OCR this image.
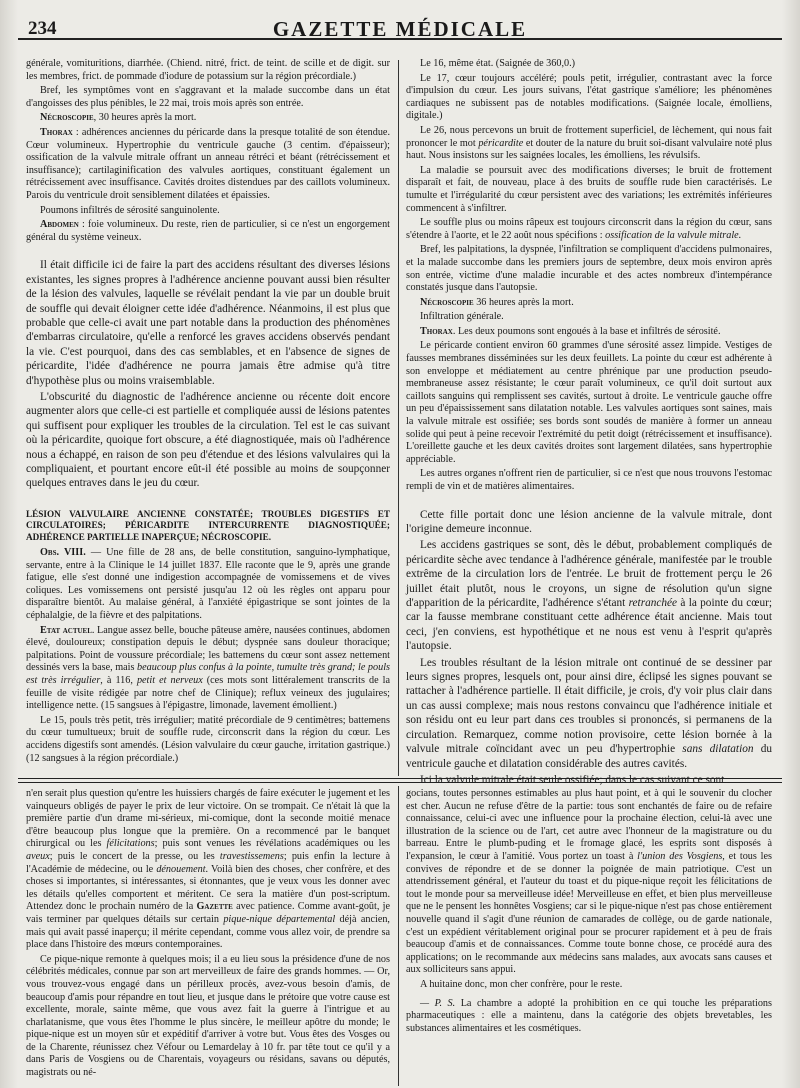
234	GAZETTE MÉDICALE

générale, vomituritions, diarrhée. (Chiend. nitré, frict. de teint. de scille et de digit. sur les membres, frict. de pommade d'iodure de potassium sur la région précordiale.)

Bref, les symptômes vont en s'aggravant et la malade succombe dans un état d'angoisses des plus pénibles, le 22 mai, trois mois après son entrée.

Nécroscopie, 30 heures après la mort.

Thorax : adhérences anciennes du péricarde dans la presque totalité de son étendue. Cœur volumineux. Hypertrophie du ventricule gauche (3 centim. d'épaisseur); ossification de la valvule mitrale offrant un anneau rétréci et béant (rétrécissement et insuffisance); cartilaginification des valvules aortiques, constituant également un rétrécissement avec insuffisance. Cavités droites distendues par des caillots volumineux. Parois du ventricule droit sensiblement dilatées et épaissies.

Poumons infiltrés de sérosité sanguinolente.

Abdomen : foie volumineux. Du reste, rien de particulier, si ce n'est un engorgement général du système veineux.

Il était difficile ici de faire la part des accidens résultant des diverses lésions existantes, les signes propres à l'adhérence ancienne pouvant aussi bien résulter de la lésion des valvules, laquelle se révélait pendant la vie par un double bruit de souffle qui devait éloigner cette idée d'adhérence. Néanmoins, il est plus que probable que celle-ci avait une part notable dans la production des phénomènes d'embarras circulatoire, qu'elle a renforcé les graves accidens observés pendant la vie. C'est pourquoi, dans des cas semblables, et en l'absence de signes de péricardite, l'idée d'adhérence ne pourra jamais être admise qu'à titre d'hypothèse plus ou moins vraisemblable.

L'obscurité du diagnostic de l'adhérence ancienne ou récente doit encore augmenter alors que celle-ci est partielle et compliquée aussi de lésions patentes qui suffisent pour expliquer les troubles de la circulation. Tel est le cas suivant où la péricardite, quoique fort obscure, a été diagnostiquée, mais où l'adhérence nous a échappé, en raison de son peu d'étendue et des lésions valvulaires qui la compliquaient, et pourtant encore eût-il été possible au moins de soupçonner quelques entraves dans le jeu du cœur.

LÉSION VALVULAIRE ANCIENNE CONSTATÉE; TROUBLES DIGESTIFS ET CIRCULATOIRES; PÉRICARDITE INTERCURRENTE DIAGNOSTIQUÉE; ADHÉRENCE PARTIELLE INAPERÇUE; NÉCROSCOPIE.

Obs. VIII. — Une fille de 28 ans, de belle constitution, sanguino-lymphatique, servante, entre à la Clinique le 14 juillet 1837. Elle raconte que le 9, après une grande fatigue, elle s'est donné une indigestion accompagnée de vomissemens et de vives coliques. Les vomissemens ont persisté jusqu'au 12 où les règles ont apparu pour disparaître bientôt. Au malaise général, à l'anxiété épigastrique se sont jointes de la céphalalgie, de la fièvre et des palpitations.

Etat actuel. Langue assez belle, bouche pâteuse amère, nausées continues, abdomen élevé, douloureux; constipation depuis le début; dyspnée sans douleur thoracique; palpitations. Point de voussure précordiale; les battemens du cœur sont assez nettement dessinés vers la base, mais beaucoup plus confus à la pointe, tumulte très grand; le pouls est très irrégulier, à 116, petit et nerveux (ces mots sont littéralement transcrits de la feuille de visite rédigée par notre chef de Clinique); reflux veineux des jugulaires; intelligence nette. (15 sangsues à l'épigastre, limonade, lavement émollient.)

Le 15, pouls très petit, très irrégulier; matité précordiale de 9 centimètres; battemens du cœur tumultueux; bruit de souffle rude, circonscrit dans la région du cœur. Les accidens digestifs sont amendés. (Lésion valvulaire du cœur gauche, irritation gastrique.) (12 sangsues à la région précordiale.)

Le 16, même état. (Saignée de 360,0.)

Le 17, cœur toujours accéléré; pouls petit, irrégulier, contrastant avec la force d'impulsion du cœur. Les jours suivans, l'état gastrique s'améliore; les phénomènes cardiaques ne subissent pas de notables modifications. (Saignée locale, émolliens, digitale.)

Le 26, nous percevons un bruit de frottement superficiel, de lèchement, qui nous fait prononcer le mot péricardite et douter de la nature du bruit soi-disant valvulaire noté plus haut. Nous insistons sur les saignées locales, les émolliens, les révulsifs.

La maladie se poursuit avec des modifications diverses; le bruit de frottement disparaît et fait, de nouveau, place à des bruits de souffle rude bien caractérisés. Le tumulte et l'irrégularité du cœur persistent avec des variations; les extrémités inférieures commencent à s'infiltrer.

Le souffle plus ou moins râpeux est toujours circonscrit dans la région du cœur, sans s'étendre à l'aorte, et le 22 août nous spécifions : ossification de la valvule mitrale.

Bref, les palpitations, la dyspnée, l'infiltration se compliquent d'accidens pulmonaires, et la malade succombe dans les premiers jours de septembre, deux mois environ après son entrée, victime d'une maladie incurable et des actes nombreux d'intempérance constatés jusque dans l'autopsie.

Nécroscopie 36 heures après la mort.

Infiltration générale.

Thorax. Les deux poumons sont engoués à la base et infiltrés de sérosité.

Le péricarde contient environ 60 grammes d'une sérosité assez limpide. Vestiges de fausses membranes disséminées sur les deux feuillets. La pointe du cœur est adhérente à son enveloppe et médiatement au centre phrénique par une production pseudo-membraneuse assez résistante; le cœur paraît volumineux, ce qu'il doit surtout aux caillots sanguins qui remplissent ses cavités, surtout à droite. Le ventricule gauche offre un peu d'épaississement sans dilatation notable. Les valvules aortiques sont saines, mais la valvule mitrale est ossifiée; ses bords sont soudés de manière à former un anneau solide qui peut à peine recevoir l'extrémité du petit doigt (rétrécissement et insuffisance). L'oreillette gauche et les deux cavités droites sont largement dilatées, sans hypertrophie appréciable.

Les autres organes n'offrent rien de particulier, si ce n'est que nous trouvons l'estomac rempli de vin et de matières alimentaires.

Cette fille portait donc une lésion ancienne de la valvule mitrale, dont l'origine demeure inconnue.

Les accidens gastriques se sont, dès le début, probablement compliqués de péricardite sèche avec tendance à l'adhérence générale, manifestée par le trouble extrême de la circulation lors de l'entrée. Le bruit de frottement perçu le 26 juillet était plutôt, nous le croyons, un signe de résolution qu'un signe d'apparition de la péricardite, l'adhérence s'étant retranchée à la pointe du cœur; car la fausse membrane constituant cette adhérence était ancienne. Mais tout ceci, j'en conviens, est hypothétique et ne nous est venu à l'esprit qu'après l'autopsie.

Les troubles résultant de la lésion mitrale ont continué de se dessiner par leurs signes propres, lesquels ont, pour ainsi dire, éclipsé les signes pouvant se rattacher à l'adhérence partielle. Il était difficile, je crois, d'y voir plus clair dans un cas aussi complexe; mais nous restons convaincu que l'adhérence initiale et son résidu ont eu leur part dans ces troubles si prononcés, si permanens de la circulation. Remarquez, comme notion provisoire, cette lésion bornée à la valvule mitrale coïncidant avec un peu d'hypertrophie sans dilatation du ventricule gauche et dilatation considérable des autres cavités.

Ici la valvule mitrale était seule ossifiée; dans le cas suivant ce sont

n'en serait plus question qu'entre les huissiers chargés de faire exécuter le jugement et les vainqueurs obligés de payer le prix de leur victoire. On se trompait. Ce n'était là que la première partie d'un drame mi-sérieux, mi-comique, dont la seconde moitié menace d'être beaucoup plus longue que la première. On a recommencé par le banquet chirurgical ou les félicitations; puis sont venues les révélations académiques ou les aveux; puis le concert de la presse, ou les travestissemens; puis enfin la lecture à l'Académie de médecine, ou le dénouement. Voilà bien des choses, cher confrère, et des choses si importantes, si intéressantes, si étonnantes, que je veux vous les donner avec les détails qu'elles comportent et méritent. Ce sera la matière d'un post-scriptum. Attendez donc le prochain numéro de la Gazette avec patience. Comme avant-goût, je vais terminer par quelques détails sur certain pique-nique départemental déjà ancien, mais qui avait passé inaperçu; il mérite cependant, comme vous allez voir, de prendre sa place dans l'histoire des mœurs contemporaines.

Ce pique-nique remonte à quelques mois; il a eu lieu sous la présidence d'une de nos célébrités médicales, connue par son art merveilleux de faire des grands hommes. — Or, vous trouvez-vous engagé dans un périlleux procès, avez-vous besoin d'amis, de beaucoup d'amis pour répandre en tout lieu, et jusque dans le prétoire que votre cause est excellente, morale, sainte même, que vous avez fait la guerre à l'intrigue et au charlatanisme, que vous êtes l'homme le plus sincère, le meilleur apôtre du monde; le pique-nique est un moyen sûr et expéditif d'arriver à votre but. Vous êtes des Vosges ou de la Charente, réunissez chez Véfour ou Lemardelay à 10 fr. par tête tout ce qu'il y a dans Paris de Vosgiens ou de Charentais, voyageurs ou résidans, savans ou députés, magistrats ou né-

gocians, toutes personnes estimables au plus haut point, et à qui le souvenir du clocher est cher. Aucun ne refuse d'être de la partie: tous sont enchantés de faire ou de refaire connaissance, celui-ci avec une influence pour la prochaine élection, celui-là avec une illustration de la science ou de l'art, cet autre avec l'honneur de la magistrature ou du barreau. Entre le plumb-puding et le fromage glacé, les esprits sont disposés à l'expansion, le cœur à l'amitié. Vous portez un toast à l'union des Vosgiens, et tous les convives de répondre et de se donner la poignée de main patriotique. C'est un attendrissement général, et l'auteur du toast et du pique-nique reçoit les félicitations de tout le monde pour sa merveilleuse idée! Merveilleuse en effet, et bien plus merveilleuse que ne le pensent les honnêtes Vosgiens; car si le pique-nique n'est pas chose entièrement nouvelle quand il s'agit d'une réunion de camarades de collège, ou de garde nationale, c'est un expédient véritablement original pour se procurer rapidement et à peu de frais beaucoup d'amis et de connaissances. Comme toute bonne chose, ce procédé aura des applications; on le recommande aux médecins sans malades, aux avocats sans causes et aux solliciteurs sans appui.

A huitaine donc, mon cher confrère, pour le reste.

— P. S. La chambre a adopté la prohibition en ce qui touche les préparations pharmaceutiques : elle a maintenu, dans la catégorie des objets brevetables, les substances alimentaires et les cosmétiques.
